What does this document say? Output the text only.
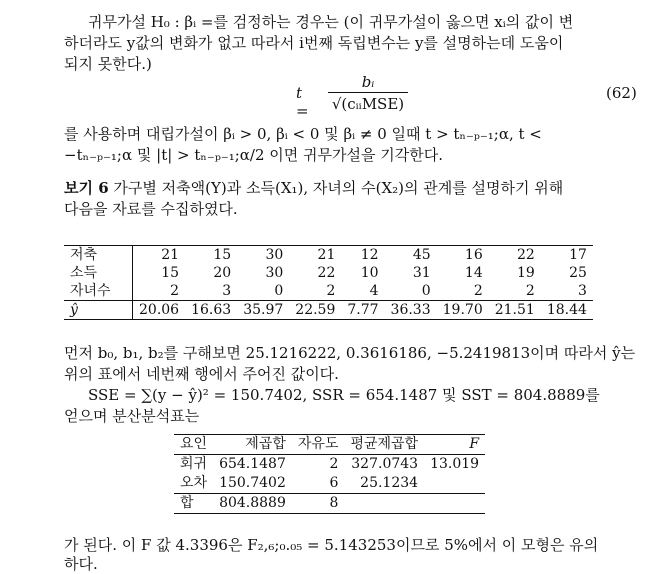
귀무가설 H₀ : βᵢ =를 검정하는 경우는 (이 귀무가설이 옳으면 xᵢ의 값이 변
하더라도 y값의 변화가 없고 따라서 i번째 독립변수는 y를 설명하는데 도움이
되지 못한다.)
t =
bᵢ
√(cᵢᵢMSE)
(62)
를 사용하며 대립가설이 βᵢ > 0, βᵢ < 0 및 βᵢ ≠ 0 일때 t > tₙ₋ₚ₋₁;α, t <
−tₙ₋ₚ₋₁;α 및 |t| > tₙ₋ₚ₋₁;α/2 이면 귀무가설을 기각한다.
보기 6 가구별 저축액(Y)과 소득(X₁), 자녀의 수(X₂)의 관계를 설명하기 위해
다음을 자료를 수집하였다.
저축	21	15	30	21	12	45	16	22	17
소득	15	20	30	22	10	31	14	19	25
자녀수	2	3	0	2	4	0	2	2	3
ŷ	20.06	16.63	35.97	22.59	7.77	36.33	19.70	21.51	18.44
먼저 b₀, b₁, b₂를 구해보면 25.1216222, 0.3616186, −5.2419813이며 따라서 ŷ는
위의 표에서 네번째 행에서 주어진 값이다.
SSE = ∑(y − ŷ)² = 150.7402, SSR = 654.1487 및 SST = 804.8889를
얻으며 분산분석표는
요인	제곱합	자유도	평균제곱합	F
회귀	654.1487	2	327.0743	13.019
오차	150.7402	6	25.1234	
합	804.8889	8		
가 된다. 이 F 값 4.3396은 F₂,₆;₀.₀₅ = 5.143253이므로 5%에서 이 모형은 유의
하다.
